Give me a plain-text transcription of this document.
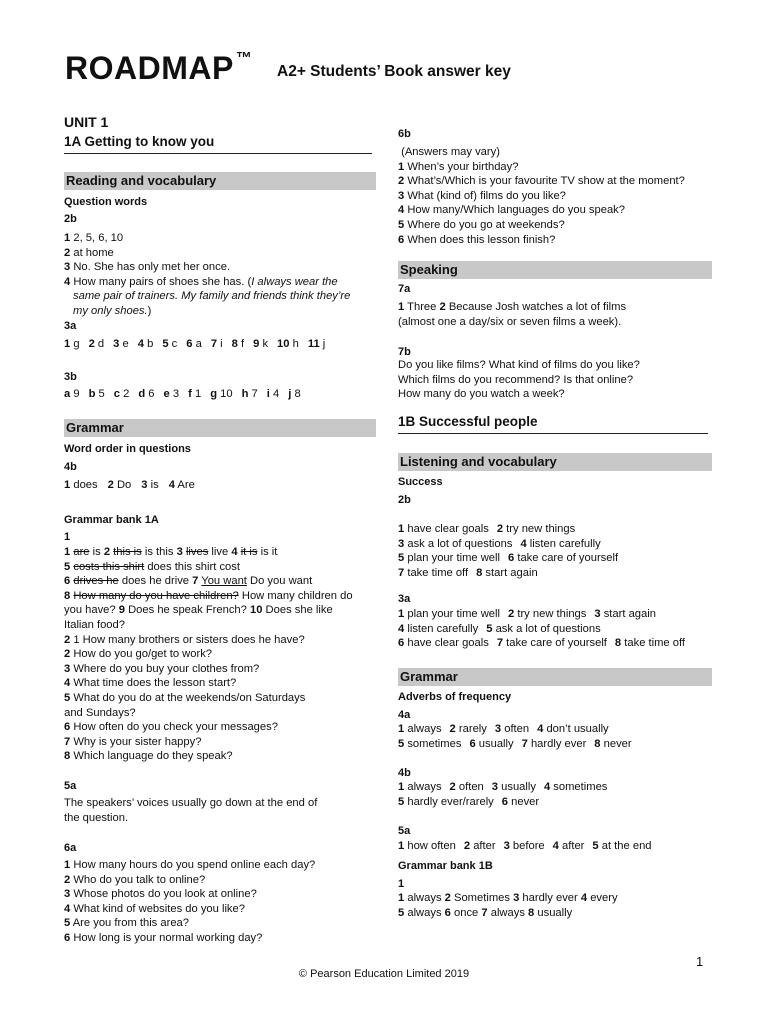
ROADMAP ™
A2+ Students’ Book answer key
UNIT 1
1A Getting to know you
Reading and vocabulary
Question words
2b
1 2, 5, 6, 10
2 at home
3 No. She has only met her once.
4 How many pairs of shoes she has. (I always wear the
same pair of trainers. My family and friends think they’re
my only shoes.)
3a
1 g 2 d 3 e 4 b 5 c 6 a 7 i 8 f 9 k 10 h 11 j
3b
a 9 b 5 c 2 d 6 e 3 f 1 g 10 h 7 i 4 j 8
Grammar
Word order in questions
4b
1 does 2 Do 3 is 4 Are
Grammar bank 1A
1
1 are is 2 this is is this 3 lives live 4 it is is it
5 costs this shirt does this shirt cost
6 drives he does he drive 7 You want Do you want
8 How many do you have children? How many children do
you have? 9 Does he speak French? 10 Does she like
Italian food?
2 1 How many brothers or sisters does he have?
2 How do you go/get to work?
3 Where do you buy your clothes from?
4 What time does the lesson start?
5 What do you do at the weekends/on Saturdays
and Sundays?
6 How often do you check your messages?
7 Why is your sister happy?
8 Which language do they speak?
5a
The speakers’ voices usually go down at the end of
the question.
6a
1 How many hours do you spend online each day?
2 Who do you talk to online?
3 Whose photos do you look at online?
4 What kind of websites do you like?
5 Are you from this area?
6 How long is your normal working day?
6b
(Answers may vary)
1 When’s your birthday?
2 What’s/Which is your favourite TV show at the moment?
3 What (kind of) films do you like?
4 How many/Which languages do you speak?
5 Where do you go at weekends?
6 When does this lesson finish?
Speaking
7a
1 Three 2 Because Josh watches a lot of films
(almost one a day/six or seven films a week).
7b
Do you like films? What kind of films do you like?
Which films do you recommend? Is that online?
How many do you watch a week?
1B Successful people
Listening and vocabulary
Success
2b
1 have clear goals 2 try new things
3 ask a lot of questions 4 listen carefully
5 plan your time well 6 take care of yourself
7 take time off 8 start again
3a
1 plan your time well 2 try new things 3 start again
4 listen carefully 5 ask a lot of questions
6 have clear goals 7 take care of yourself 8 take time off
Grammar
Adverbs of frequency
4a
1 always 2 rarely 3 often 4 don’t usually
5 sometimes 6 usually 7 hardly ever 8 never
4b
1 always 2 often 3 usually 4 sometimes
5 hardly ever/rarely 6 never
5a
1 how often 2 after 3 before 4 after 5 at the end
Grammar bank 1B
1
1 always 2 Sometimes 3 hardly ever 4 every
5 always 6 once 7 always 8 usually
1
© Pearson Education Limited 2019
